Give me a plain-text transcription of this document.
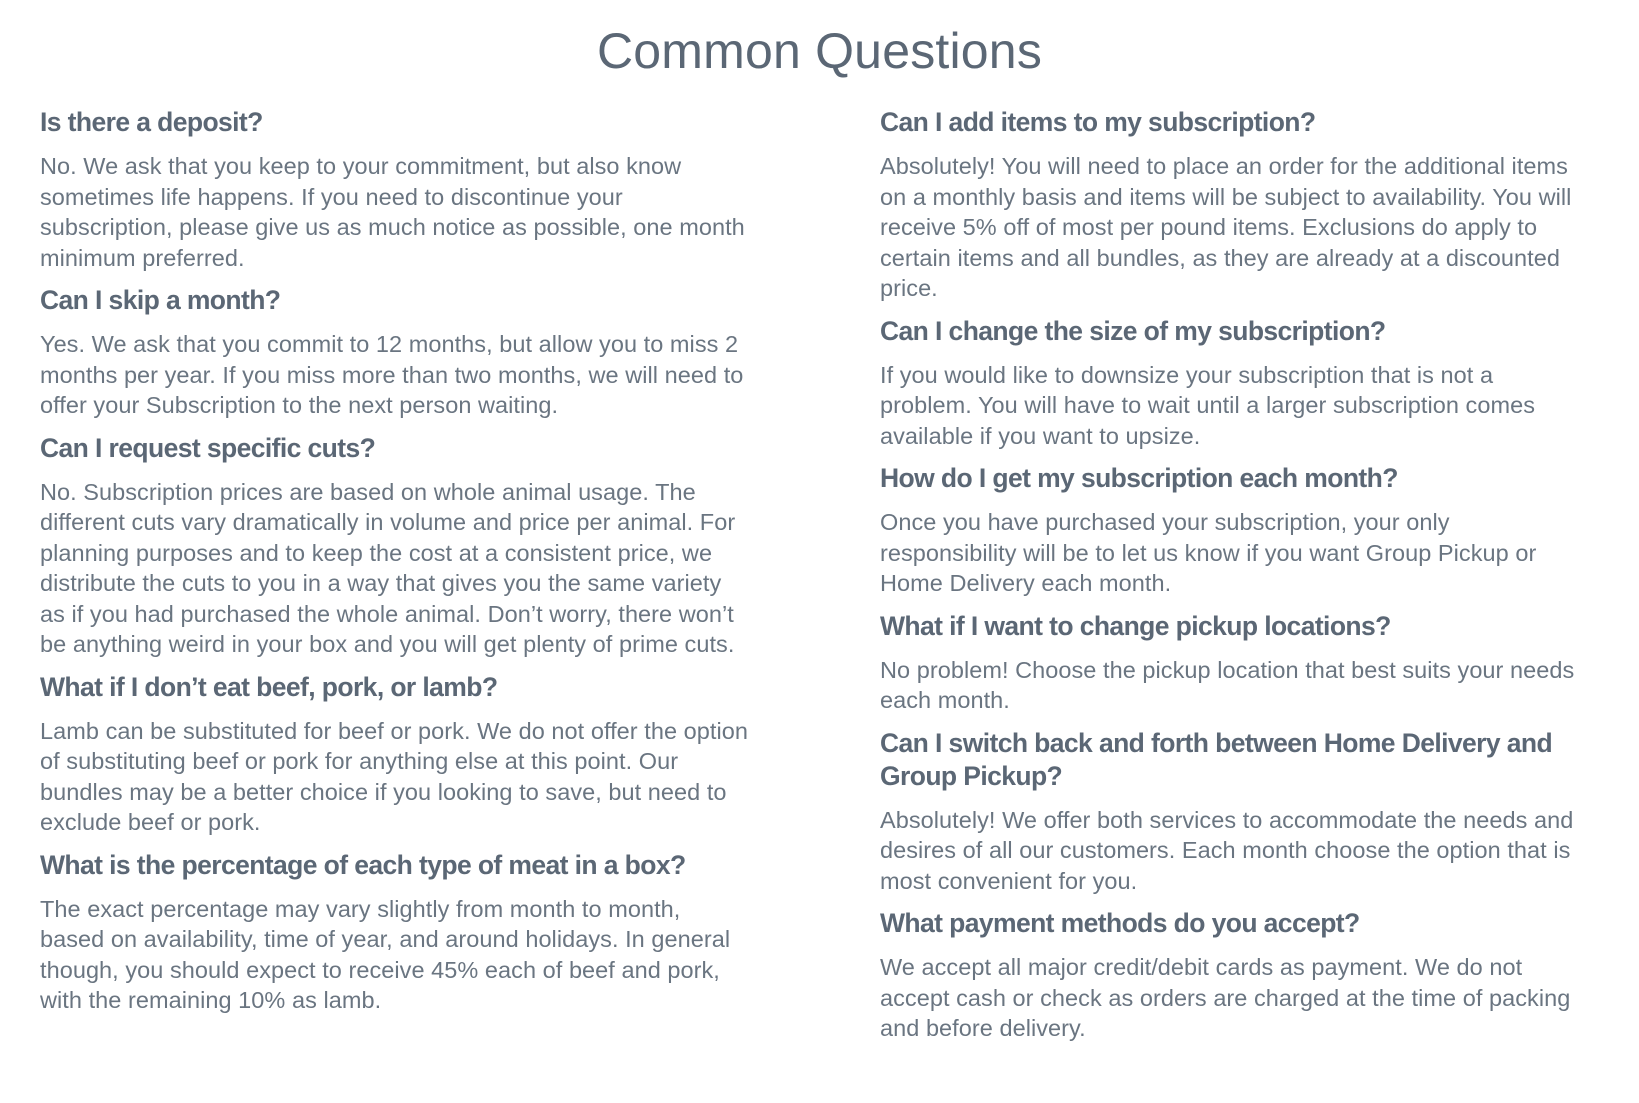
Common Questions
Is there a deposit?

No. We ask that you keep to your commitment, but also know sometimes life happens. If you need to discontinue your subscription, please give us as much notice as possible, one month minimum preferred.

Can I skip a month?

Yes. We ask that you commit to 12 months, but allow you to miss 2 months per year. If you miss more than two months, we will need to offer your Subscription to the next person waiting.

Can I request specific cuts?

No. Subscription prices are based on whole animal usage. The different cuts vary dramatically in volume and price per animal. For planning purposes and to keep the cost at a consistent price, we distribute the cuts to you in a way that gives you the same variety as if you had purchased the whole animal. Don’t worry, there won’t be anything weird in your box and you will get plenty of prime cuts.

What if I don’t eat beef, pork, or lamb?

Lamb can be substituted for beef or pork. We do not offer the option of substituting beef or pork for anything else at this point. Our bundles may be a better choice if you looking to save, but need to exclude beef or pork.

What is the percentage of each type of meat in a box?

The exact percentage may vary slightly from month to month, based on availability, time of year, and around holidays. In general though, you should expect to receive 45% each of beef and pork, with the remaining 10% as lamb.

Can I add items to my subscription?

Absolutely! You will need to place an order for the additional items on a monthly basis and items will be subject to availability. You will receive 5% off of most per pound items. Exclusions do apply to certain items and all bundles, as they are already at a discounted price.

Can I change the size of my subscription?

If you would like to downsize your subscription that is not a problem. You will have to wait until a larger subscription comes available if you want to upsize.

How do I get my subscription each month?

Once you have purchased your subscription, your only responsibility will be to let us know if you want Group Pickup or Home Delivery each month.

What if I want to change pickup locations?

No problem! Choose the pickup location that best suits your needs each month.

Can I switch back and forth between Home Delivery and Group Pickup?

Absolutely! We offer both services to accommodate the needs and desires of all our customers. Each month choose the option that is most convenient for you.

What payment methods do you accept?

We accept all major credit/debit cards as payment. We do not accept cash or check as orders are charged at the time of packing and before delivery.
